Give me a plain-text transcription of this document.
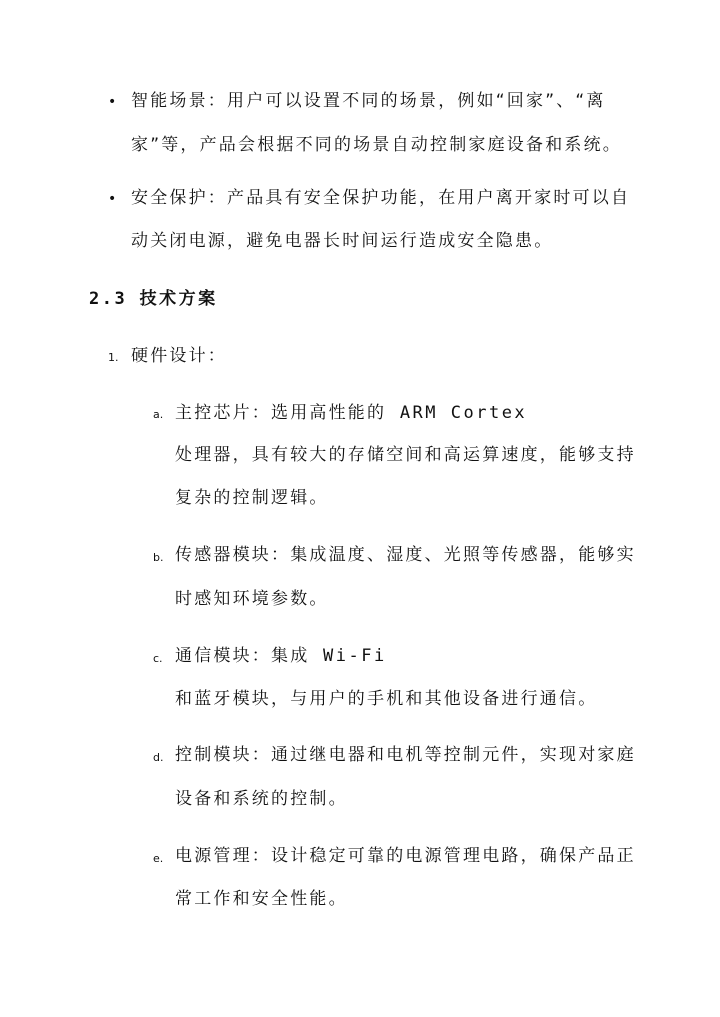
• 智能场景：用户可以设置不同的场景，例如“回家”、“离
家”等，产品会根据不同的场景自动控制家庭设备和系统。
• 安全保护：产品具有安全保护功能，在用户离开家时可以自
动关闭电源，避免电器长时间运行造成安全隐患。
2.3 技术方案
1. 硬件设计：
a. 主控芯片：选用高性能的 ARM Cortex
处理器，具有较大的存储空间和高运算速度，能够支持
复杂的控制逻辑。
b. 传感器模块：集成温度、湿度、光照等传感器，能够实
时感知环境参数。
c. 通信模块：集成 Wi-Fi
和蓝牙模块，与用户的手机和其他设备进行通信。
d. 控制模块：通过继电器和电机等控制元件，实现对家庭
设备和系统的控制。
e. 电源管理：设计稳定可靠的电源管理电路，确保产品正
常工作和安全性能。
